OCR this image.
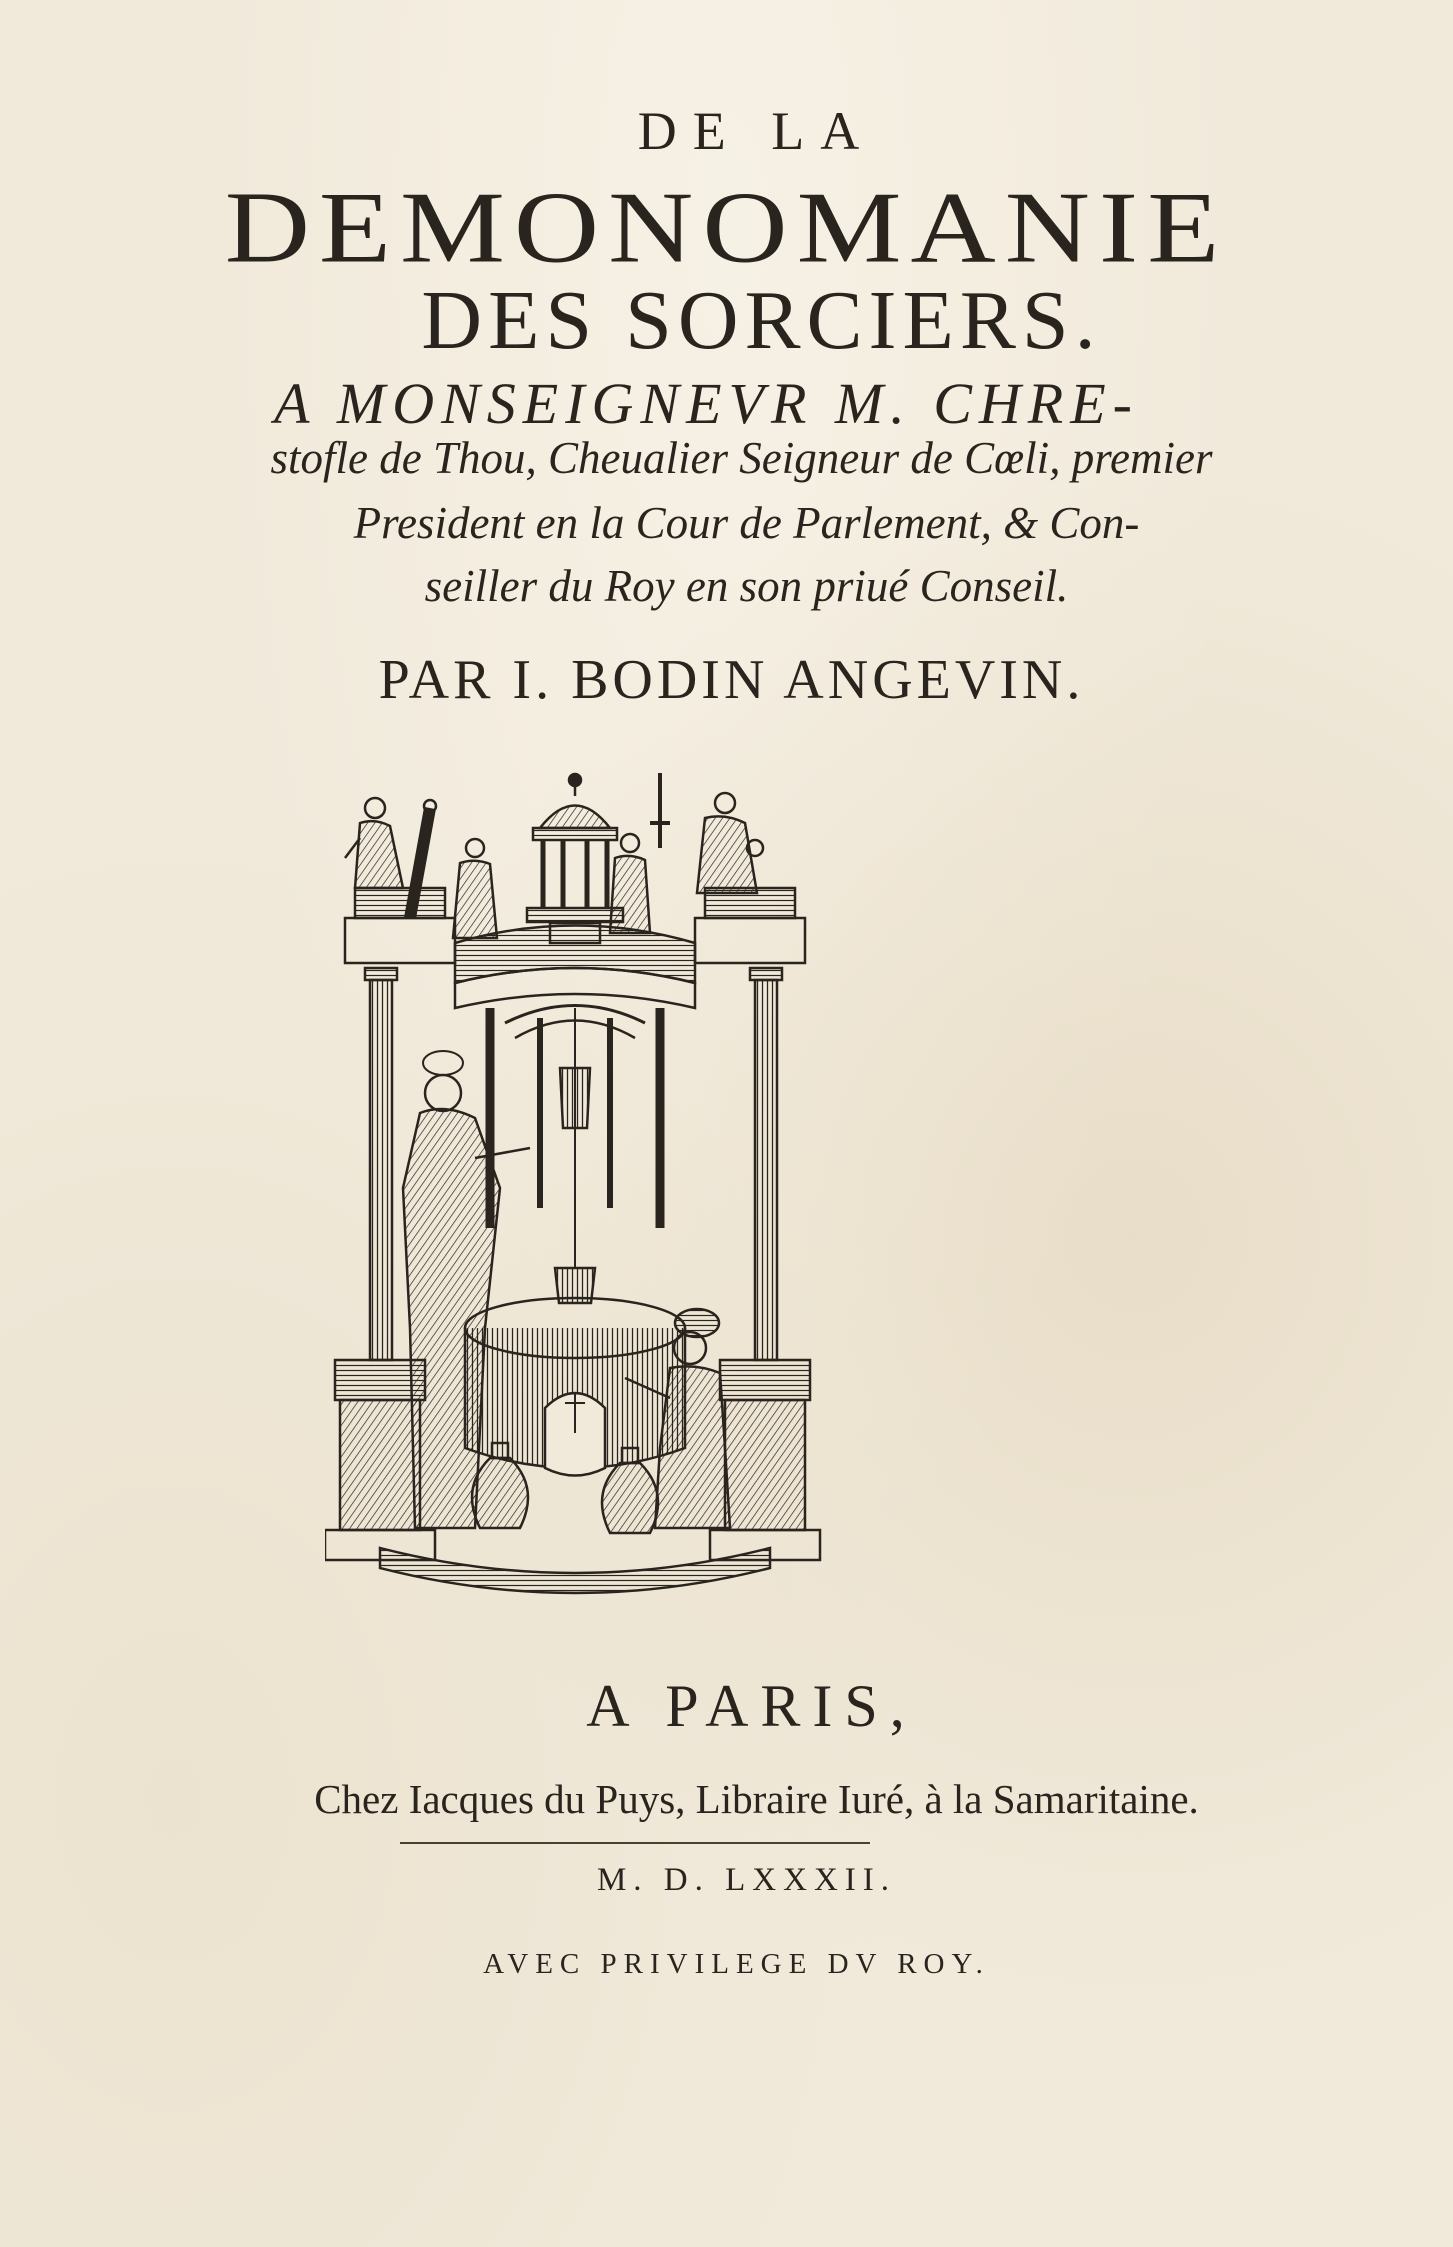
DE LA

DEMONOMANIE

DES SORCIERS.

A MONSEIGNEVR M. CHRE-

stofle de Thou, Cheualier Seigneur de Cœli, premier

President en la Cour de Parlement, & Con-

seiller du Roy en son priué Conseil.

PAR I. BODIN ANGEVIN.

A PARIS,

Chez Iacques du Puys, Libraire Iuré, à la Samaritaine.

M. D. LXXXII.

AVEC PRIVILEGE DV ROY.
